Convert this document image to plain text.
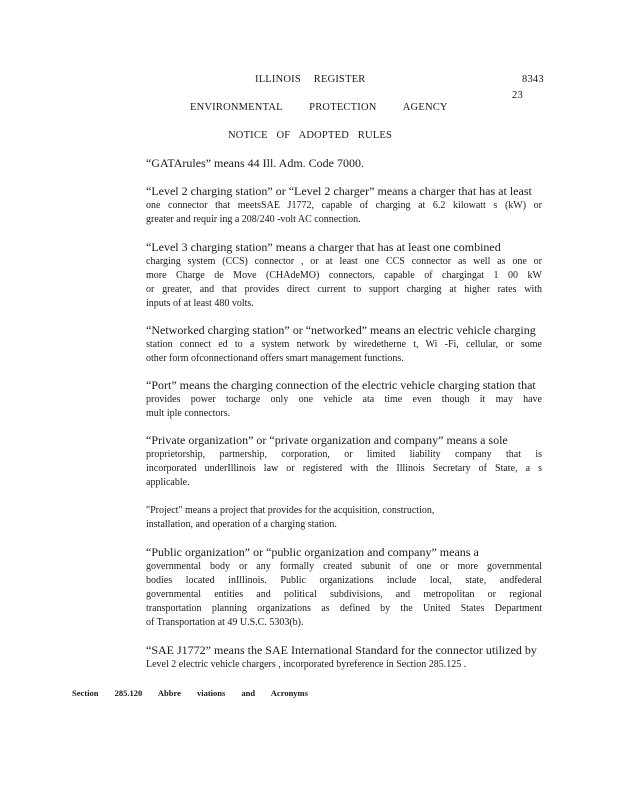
ILLINOIS REGISTER	8343
23
ENVIRONMENTAL PROTECTION AGENCY
NOTICE OF ADOPTED RULES
“GATArules” means 44 Ill. Adm. Code 7000.
“Level 2 charging station” or “Level 2 charger” means a charger that has at least
one connector that meetsSAE J1772, capable of charging at 6.2 kilowatt s (kW) or
greater and requir ing a 208/240 -volt AC connection.
“Level 3 charging station” means a charger that has at least one combined
charging system (CCS) connector , or at least one CCS connector as well as one or
more Charge de Move (CHAdeMO) connectors, capable of chargingat 1 00 kW
or greater, and that provides direct current to support charging at higher rates with
inputs of at least 480 volts.
“Networked charging station” or “networked” means an electric vehicle charging
station connect ed to a system network by wiredetherne t, Wi -Fi, cellular, or some
other form ofconnectionand offers smart management functions.
“Port” means the charging connection of the electric vehicle charging station that
provides power tocharge only one vehicle ata time even though it may have
mult iple connectors.
“Private organization” or “private organization and company” means a sole
proprietorship, partnership, corporation, or limited liability company that is
incorporated underIllinois law or registered with the Illinois Secretary of State, a s
applicable.
"Project" means a project that provides for the acquisition, construction,
installation, and operation of a charging station.
“Public organization” or “public organization and company” means a
governmental body or any formally created subunit of one or more governmental
bodies located inIllinois. Public organizations include local, state, andfederal
governmental entities and political subdivisions, and metropolitan or regional
transportation planning organizations as defined by the United States Department
of Transportation at 49 U.S.C. 5303(b).
“SAE J1772” means the SAE International Standard for the connector utilized by
Level 2 electric vehicle chargers , incorporated byreference in Section 285.125 .
Section 285.120 Abbre viations and Acronyms
